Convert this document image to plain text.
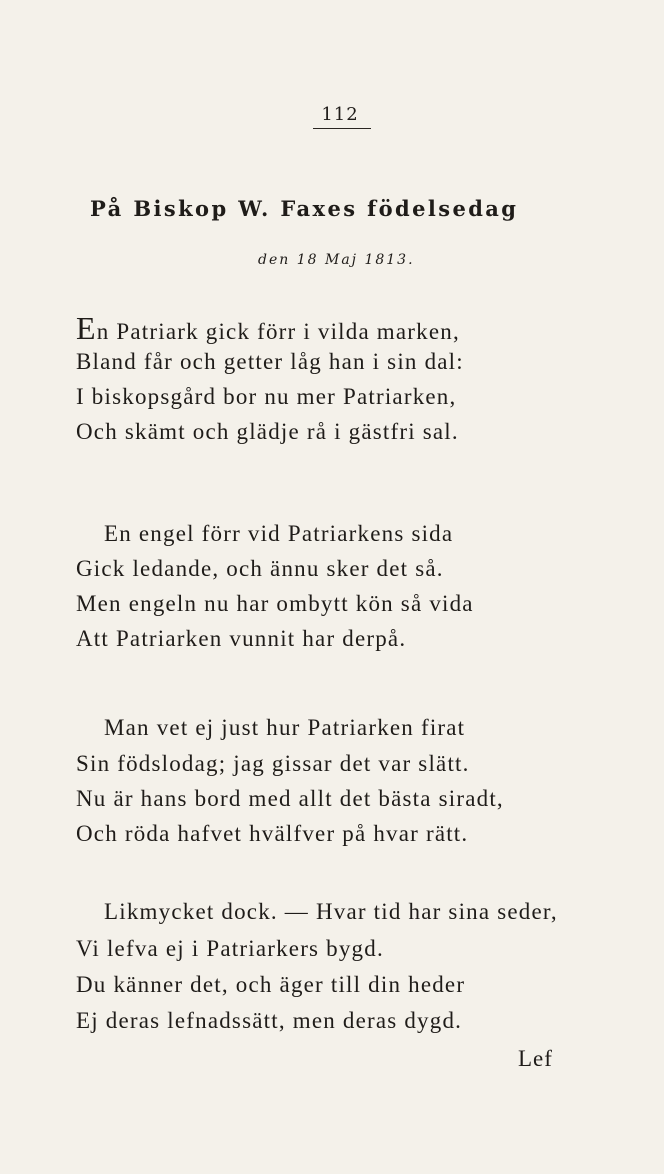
112
På Biskop W. Faxes födelsedag
den 18 Maj 1813.
En Patriark gick förr i vilda marken,
Bland får och getter låg han i sin dal:
I biskopsgård bor nu mer Patriarken,
Och skämt och glädje rå i gästfri sal.
En engel förr vid Patriarkens sida
Gick ledande, och ännu sker det så.
Men engeln nu har ombytt kön så vida
Att Patriarken vunnit har derpå.
Man vet ej just hur Patriarken firat
Sin födslodag; jag gissar det var slätt.
Nu är hans bord med allt det bästa siradt,
Och röda hafvet hvälfver på hvar rätt.
Likmycket dock. — Hvar tid har sina seder,
Vi lefva ej i Patriarkers bygd.
Du känner det, och äger till din heder
Ej deras lefnadssätt, men deras dygd.
Lef
